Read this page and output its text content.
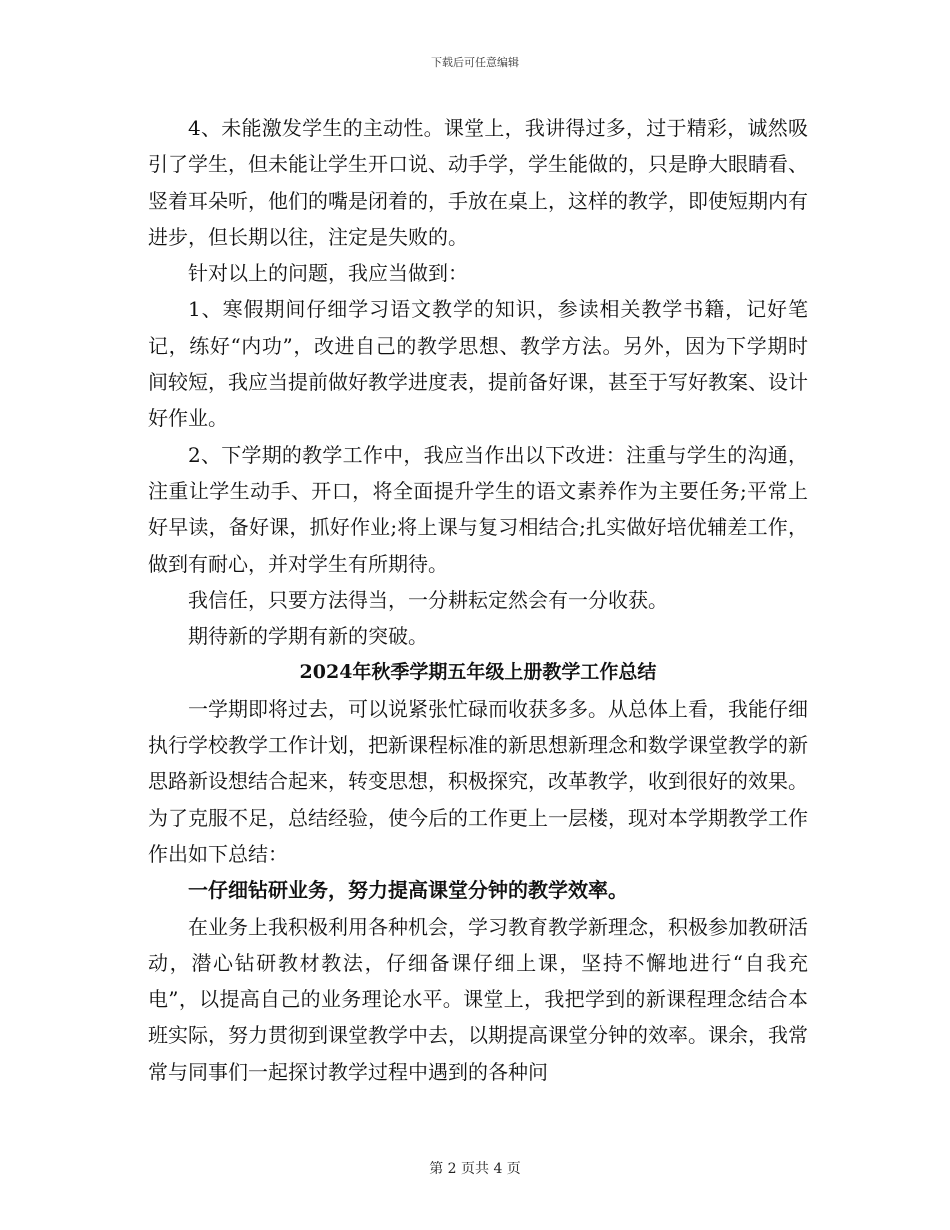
下载后可任意编辑

4、未能激发学生的主动性。课堂上，我讲得过多，过于精彩，诚然吸引了学生，但未能让学生开口说、动手学，学生能做的，只是睁大眼睛看、竖着耳朵听，他们的嘴是闭着的，手放在桌上，这样的教学，即使短期内有进步，但长期以往，注定是失败的。

针对以上的问题，我应当做到：

1、寒假期间仔细学习语文教学的知识，参读相关教学书籍，记好笔记，练好“内功”，改进自己的教学思想、教学方法。另外，因为下学期时间较短，我应当提前做好教学进度表，提前备好课，甚至于写好教案、设计好作业。

2、下学期的教学工作中，我应当作出以下改进：注重与学生的沟通，注重让学生动手、开口，将全面提升学生的语文素养作为主要任务;平常上好早读，备好课，抓好作业;将上课与复习相结合;扎实做好培优辅差工作，做到有耐心，并对学生有所期待。

我信任，只要方法得当，一分耕耘定然会有一分收获。

期待新的学期有新的突破。

2024年秋季学期五年级上册教学工作总结

一学期即将过去，可以说紧张忙碌而收获多多。从总体上看，我能仔细执行学校教学工作计划，把新课程标准的新思想新理念和数学课堂教学的新思路新设想结合起来，转变思想，积极探究，改革教学，收到很好的效果。为了克服不足，总结经验，使今后的工作更上一层楼，现对本学期教学工作作出如下总结：

一仔细钻研业务，努力提高课堂分钟的教学效率。

在业务上我积极利用各种机会，学习教育教学新理念，积极参加教研活动，潜心钻研教材教法，仔细备课仔细上课，坚持不懈地进行“自我充电”，以提高自己的业务理论水平。课堂上，我把学到的新课程理念结合本班实际，努力贯彻到课堂教学中去，以期提高课堂分钟的效率。课余，我常常与同事们一起探讨教学过程中遇到的各种问

第 2 页共 4 页
